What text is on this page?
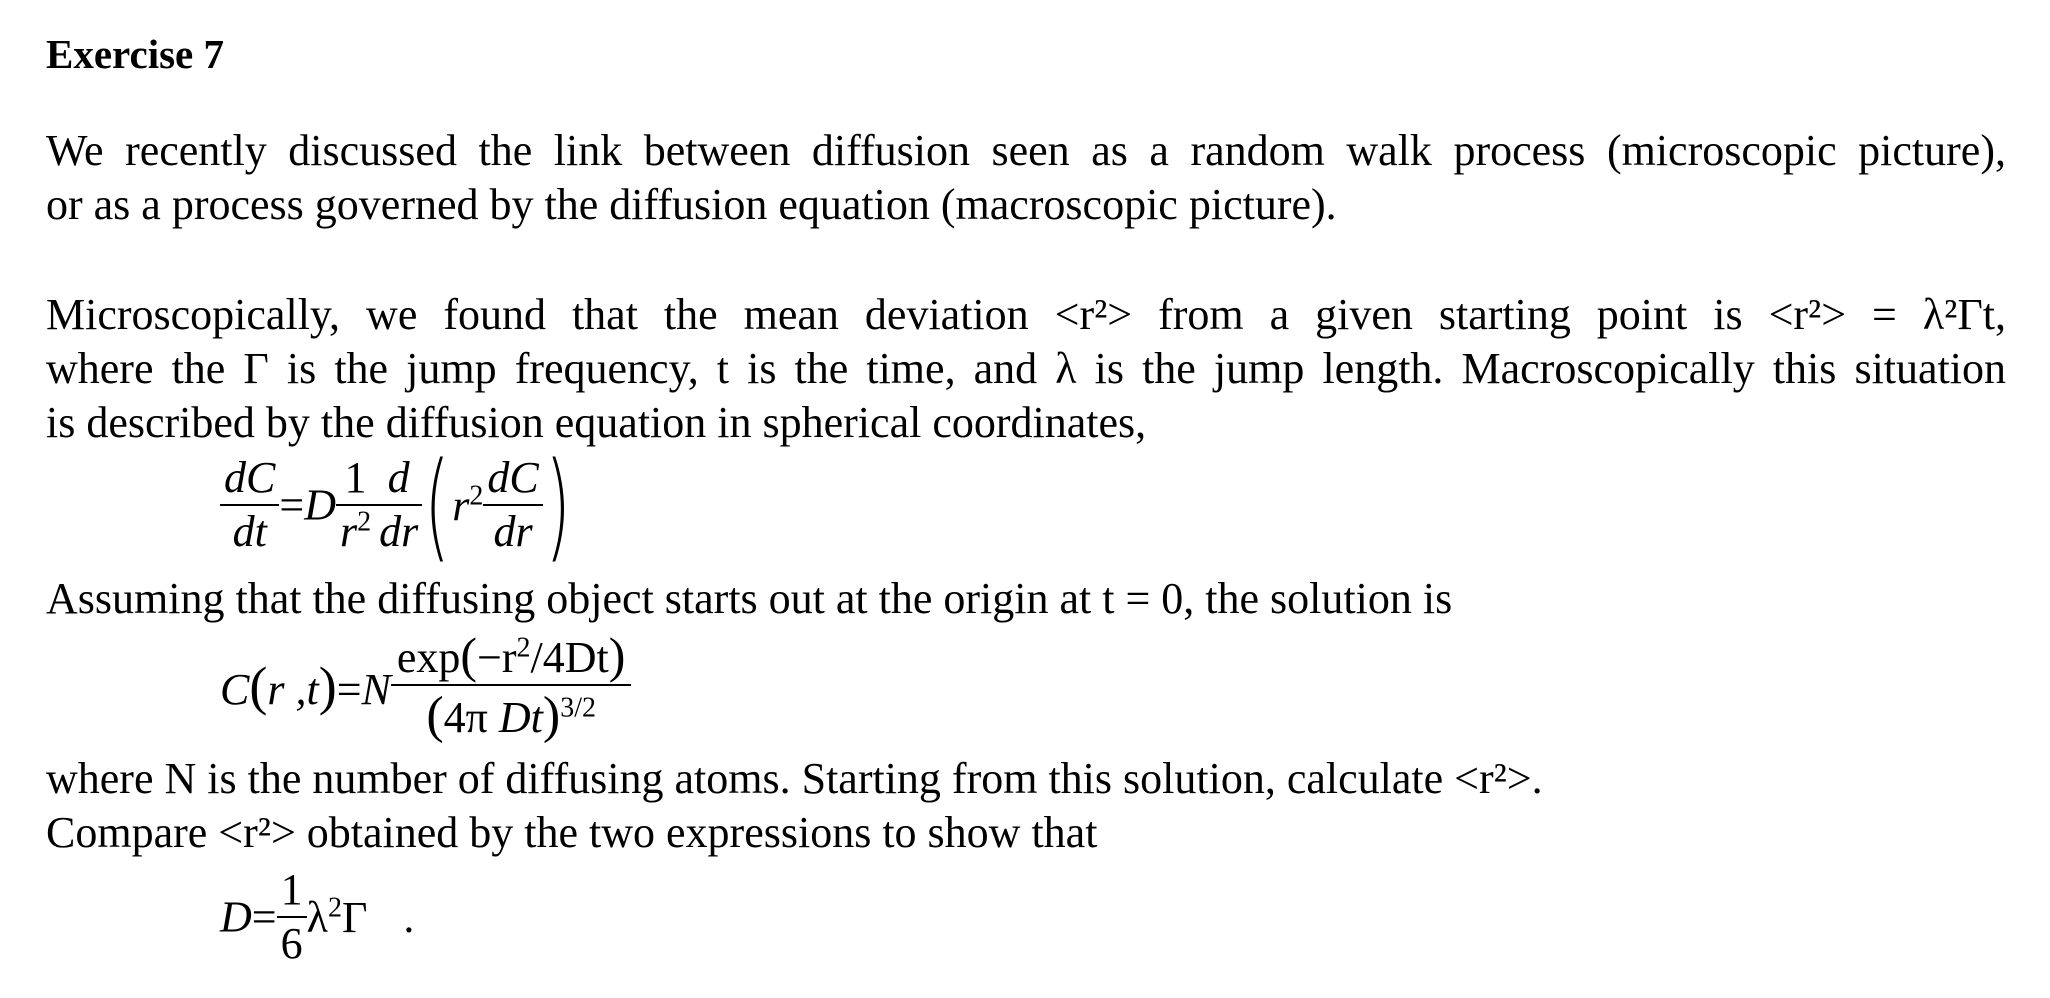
Exercise 7

We recently discussed the link between diffusion seen as a random walk process (microscopic picture),
or as a process governed by the diffusion equation (macroscopic picture).

Microscopically, we found that the mean deviation <r²> from a given starting point is <r²> = λ²Γt,
where the Γ is the jump frequency, t is the time, and λ is the jump length. Macroscopically this situation
is described by the diffusion equation in spherical coordinates,

$\frac{dC}{dt} =D \frac{1}{r^2} \frac{d}{dr} (r^2 \frac{dC}{dr}$ )

Assuming that the diffusing object starts out at the origin at t = 0, the solution is

C(r $,t)=N \frac{\exp(-r^2/4Dt)}{(4\pi Dt)^{3/2}}$

where N is the number of diffusing atoms. Starting from this solution, calculate <r²>.
Compare <r²> obtained by the two expressions to show that

$D= \frac{1}{6} \lambda^2\Gamma$ .
